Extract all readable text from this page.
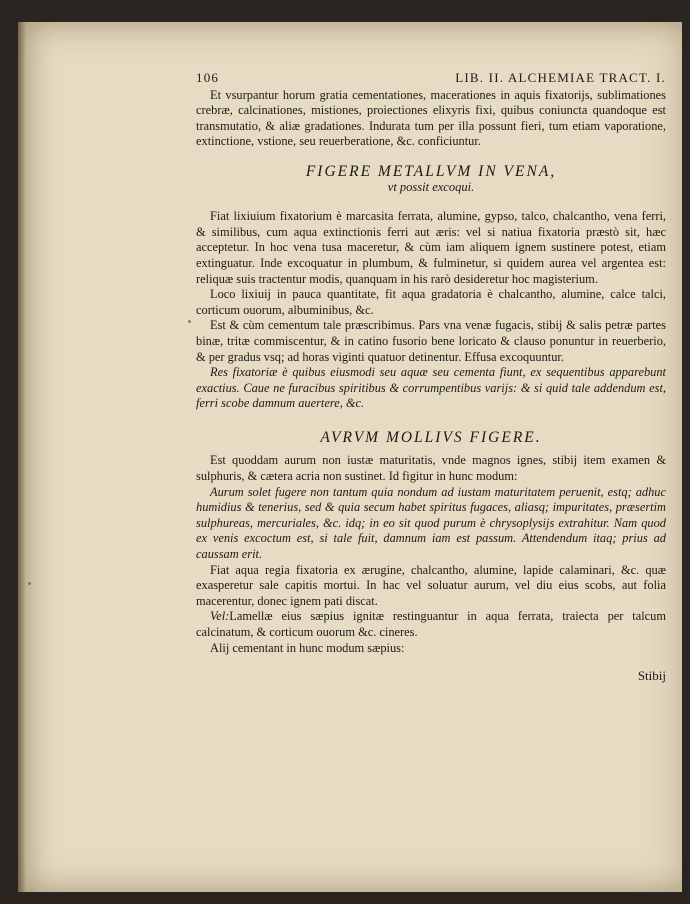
106	LIB. II. ALCHEMIAE TRACT. I.

Et vsurpantur horum gratia cementationes, macerationes in aquis fixatorijs, sublimationes crebræ, calcinationes, mistiones, proiectiones elixyris fixi, quibus coniuncta quandoque est transmutatio, & aliæ gradationes. Indurata tum per illa possunt fieri, tum etiam vaporatione, extinctione, vstione, seu reuerberatione, &c. conficiuntur.

FIGERE METALLVM IN VENA,
vt possit excoqui.

Fiat lixiuium fixatorium è marcasita ferrata, alumine, gypso, talco, chalcantho, vena ferri, & similibus, cum aqua extinctionis ferri aut æris: vel si natiua fixatoria præstò sit, hæc acceptetur. In hoc vena tusa maceretur, & cùm iam aliquem ignem sustinere potest, etiam extinguatur. Inde excoquatur in plumbum, & fulminetur, si quidem aurea vel argentea est: reliquæ suis tractentur modis, quanquam in his rarò desideretur hoc magisterium.

Loco lixiuij in pauca quantitate, fit aqua gradatoria è chalcantho, alumine, calce talci, corticum ouorum, albuminibus, &c.

Est & cùm cementum tale præscribimus. Pars vna venæ fugacis, stibij & salis petræ partes binæ, tritæ commiscentur, & in catino fusorio bene loricato & clauso ponuntur in reuerberio, & per gradus vsq; ad horas viginti quatuor detinentur. Effusa excoquuntur.

Res fixatoriæ è quibus eiusmodi seu aquæ seu cementa fiunt, ex sequentibus apparebunt exactius. Caue ne furacibus spiritibus & corrumpentibus varijs: & si quid tale addendum est, ferri scobe damnum auertere, &c.

AVRVM MOLLIVS FIGERE.

Est quoddam aurum non iustæ maturitatis, vnde magnos ignes, stibij item examen & sulphuris, & cætera acria non sustinet. Id figitur in hunc modum:

Aurum solet fugere non tantum quia nondum ad iustam maturitatem peruenit, estq; adhuc humidius & tenerius, sed & quia secum habet spiritus fugaces, aliasq; impuritates, præsertim sulphureas, mercuriales, &c. idq; in eo sit quod purum è chrysoplysijs extrahitur. Nam quod ex venis excoctum est, si tale fuit, damnum iam est passum. Attendendum itaq; prius ad caussam erit.

Fiat aqua regia fixatoria ex ærugine, chalcantho, alumine, lapide calaminari, &c. quæ exasperetur sale capitis mortui. In hac vel soluatur aurum, vel diu eius scobs, aut folia macerentur, donec ignem pati discat.

Vel:Lamellæ eius sæpius ignitæ restinguantur in aqua ferrata, traiecta per talcum calcinatum, & corticum ouorum &c. cineres.

Alij cementant in hunc modum sæpius:

Stibij
